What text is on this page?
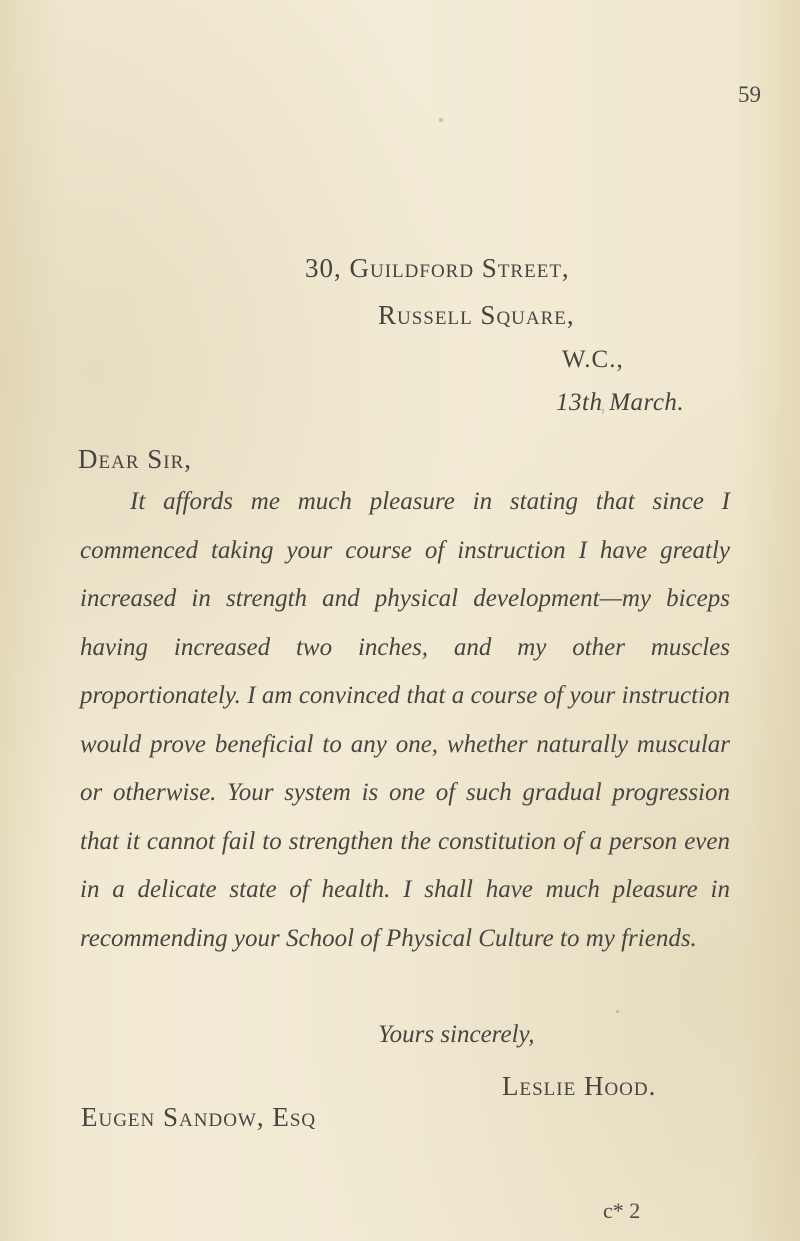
59
30, Guildford Street,
Russell Square,
W.C.,
13th March.
Dear Sir,

It affords me much pleasure in stating that since I commenced taking your course of instruction I have greatly increased in strength and physical development—my biceps having increased two inches, and my other muscles proportionately. I am convinced that a course of your instruction would prove beneficial to any one, whether naturally muscular or otherwise. Your system is one of such gradual progression that it cannot fail to strengthen the constitution of a person even in a delicate state of health. I shall have much pleasure in recommending your School of Physical Culture to my friends.

Yours sincerely,
Leslie Hood.
Eugen Sandow, Esq
c* 2
